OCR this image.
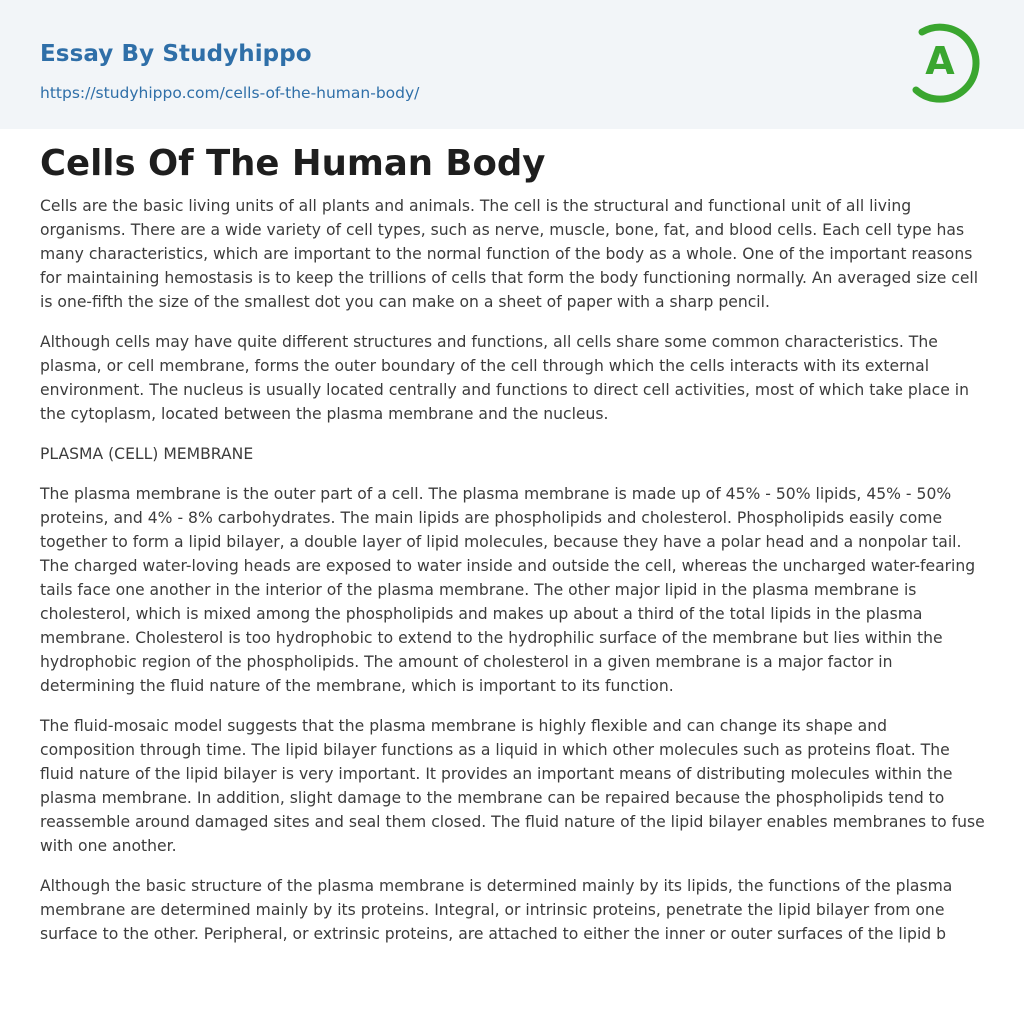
Essay By Studyhippo
https://studyhippo.com/cells-of-the-human-body/
A
Cells Of The Human Body

Cells are the basic living units of all plants and animals. The cell is the structural and functional unit of all living organisms. There are a wide variety of cell types, such as nerve, muscle, bone, fat, and blood cells. Each cell type has many characteristics, which are important to the normal function of the body as a whole. One of the important reasons for maintaining hemostasis is to keep the trillions of cells that form the body functioning normally. An averaged size cell is one-fifth the size of the smallest dot you can make on a sheet of paper with a sharp pencil.

Although cells may have quite different structures and functions, all cells share some common characteristics. The plasma, or cell membrane, forms the outer boundary of the cell through which the cells interacts with its external environment. The nucleus is usually located centrally and functions to direct cell activities, most of which take place in the cytoplasm, located between the plasma membrane and the nucleus.

PLASMA (CELL) MEMBRANE

The plasma membrane is the outer part of a cell. The plasma membrane is made up of 45% - 50% lipids, 45% - 50% proteins, and 4% - 8% carbohydrates. The main lipids are phospholipids and cholesterol. Phospholipids easily come together to form a lipid bilayer, a double layer of lipid molecules, because they have a polar head and a nonpolar tail. The charged water-loving heads are exposed to water inside and outside the cell, whereas the uncharged water-fearing tails face one another in the interior of the plasma membrane. The other major lipid in the plasma membrane is cholesterol, which is mixed among the phospholipids and makes up about a third of the total lipids in the plasma membrane. Cholesterol is too hydrophobic to extend to the hydrophilic surface of the membrane but lies within the hydrophobic region of the phospholipids. The amount of cholesterol in a given membrane is a major factor in determining the fluid nature of the membrane, which is important to its function.

The fluid-mosaic model suggests that the plasma membrane is highly flexible and can change its shape and composition through time. The lipid bilayer functions as a liquid in which other molecules such as proteins float. The fluid nature of the lipid bilayer is very important. It provides an important means of distributing molecules within the plasma membrane. In addition, slight damage to the membrane can be repaired because the phospholipids tend to reassemble around damaged sites and seal them closed. The fluid nature of the lipid bilayer enables membranes to fuse with one another.

Although the basic structure of the plasma membrane is determined mainly by its lipids, the functions of the plasma membrane are determined mainly by its proteins. Integral, or intrinsic proteins, penetrate the lipid bilayer from one surface to the other. Peripheral, or extrinsic proteins, are attached to either the inner or outer surfaces of the lipid b
